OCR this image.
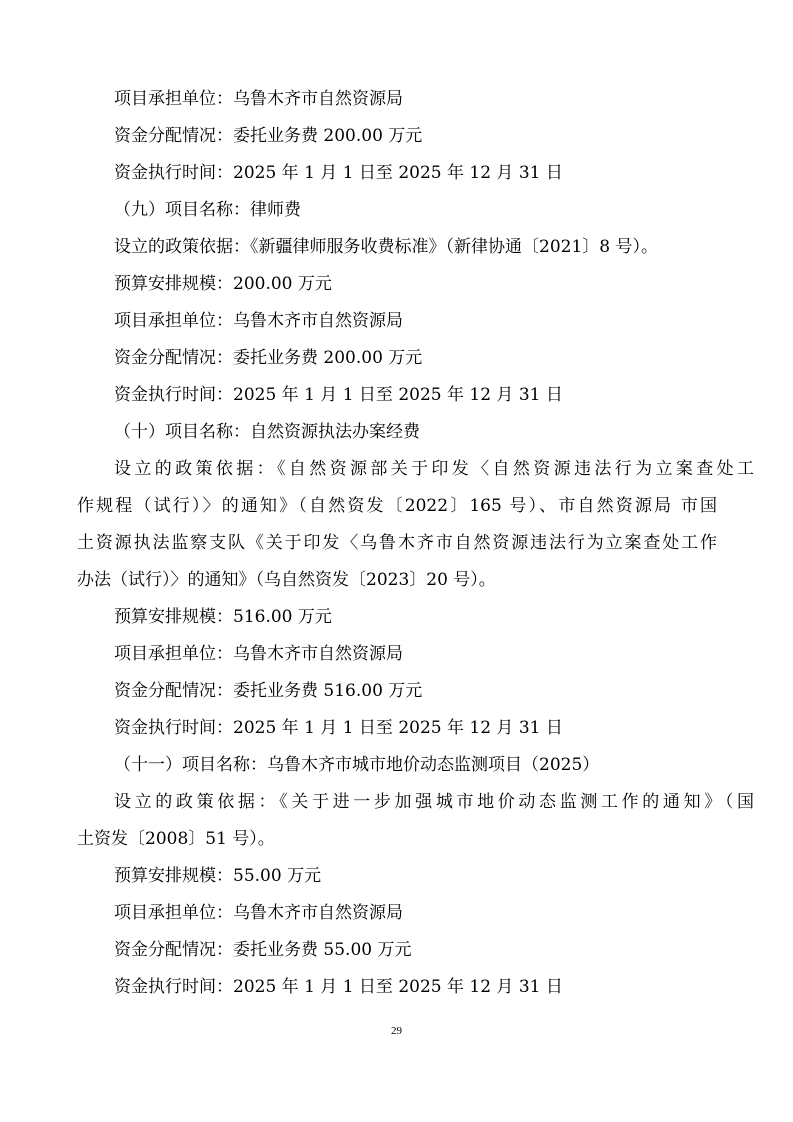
项目承担单位：乌鲁木齐市自然资源局

资金分配情况：委托业务费 200.00 万元

资金执行时间：2025 年 1 月 1 日至 2025 年 12 月 31 日

（九）项目名称：律师费

设立的政策依据：《新疆律师服务收费标准》（新律协通〔2021〕8 号）。

预算安排规模：200.00 万元

项目承担单位：乌鲁木齐市自然资源局

资金分配情况：委托业务费 200.00 万元

资金执行时间：2025 年 1 月 1 日至 2025 年 12 月 31 日

（十）项目名称：自然资源执法办案经费

设立的政策依据：《自然资源部关于印发〈自然资源违法行为立案查处工

作规程（试行）〉的通知》（自然资发〔2022〕165 号）、市自然资源局 市国

土资源执法监察支队《关于印发〈乌鲁木齐市自然资源违法行为立案查处工作

办法（试行）〉的通知》（乌自然资发〔2023〕20 号）。

预算安排规模：516.00 万元

项目承担单位：乌鲁木齐市自然资源局

资金分配情况：委托业务费 516.00 万元

资金执行时间：2025 年 1 月 1 日至 2025 年 12 月 31 日

（十一）项目名称：乌鲁木齐市城市地价动态监测项目（2025）

设立的政策依据：《关于进一步加强城市地价动态监测工作的通知》（国

土资发〔2008〕51 号）。

预算安排规模：55.00 万元

项目承担单位：乌鲁木齐市自然资源局

资金分配情况：委托业务费 55.00 万元

资金执行时间：2025 年 1 月 1 日至 2025 年 12 月 31 日

29
